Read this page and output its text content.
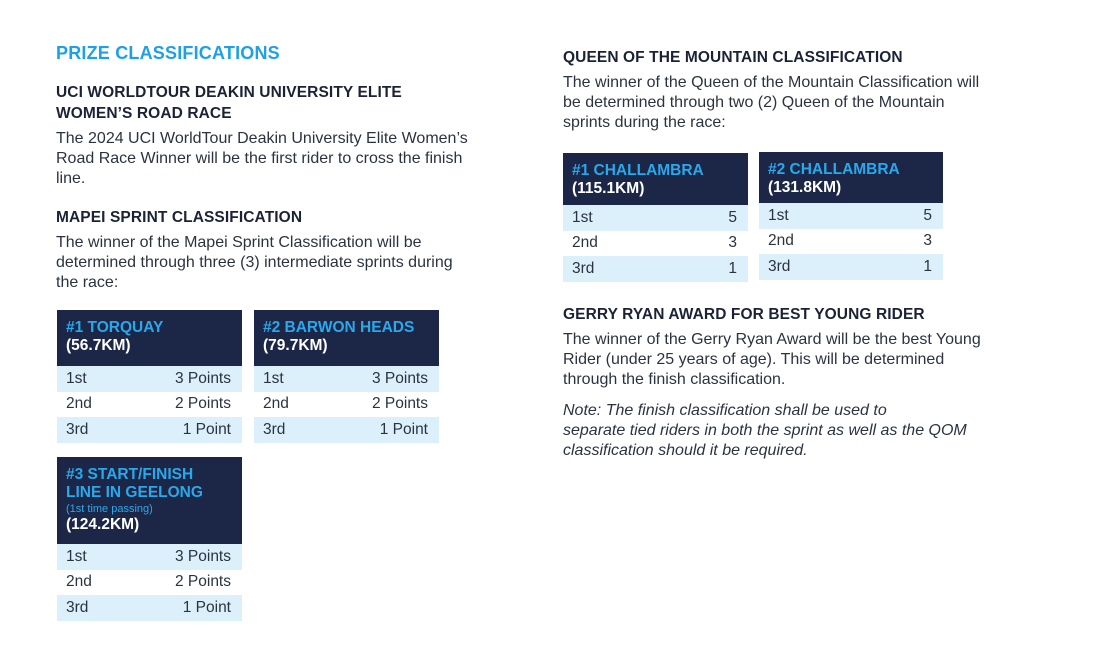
PRIZE CLASSIFICATIONS
UCI WORLDTOUR DEAKIN UNIVERSITY ELITE
WOMEN’S ROAD RACE
The 2024 UCI WorldTour Deakin University Elite Women’s
Road Race Winner will be the first rider to cross the finish
line.
MAPEI SPRINT CLASSIFICATION
The winner of the Mapei Sprint Classification will be
determined through three (3) intermediate sprints during
the race:
#1 TORQUAY
(56.7KM)
1st	3 Points
2nd	2 Points
3rd	1 Point
#2 BARWON HEADS
(79.7KM)
1st	3 Points
2nd	2 Points
3rd	1 Point
#3 START/FINISH
LINE IN GEELONG
(1st time passing)
(124.2KM)
1st	3 Points
2nd	2 Points
3rd	1 Point
QUEEN OF THE MOUNTAIN CLASSIFICATION
The winner of the Queen of the Mountain Classification will
be determined through two (2) Queen of the Mountain
sprints during the race:
#1 CHALLAMBRA
(115.1KM)
1st	5
2nd	3
3rd	1
#2 CHALLAMBRA
(131.8KM)
1st	5
2nd	3
3rd	1
GERRY RYAN AWARD FOR BEST YOUNG RIDER
The winner of the Gerry Ryan Award will be the best Young
Rider (under 25 years of age). This will be determined
through the finish classification.
Note: The finish classification shall be used to
separate tied riders in both the sprint as well as the QOM
classification should it be required.
